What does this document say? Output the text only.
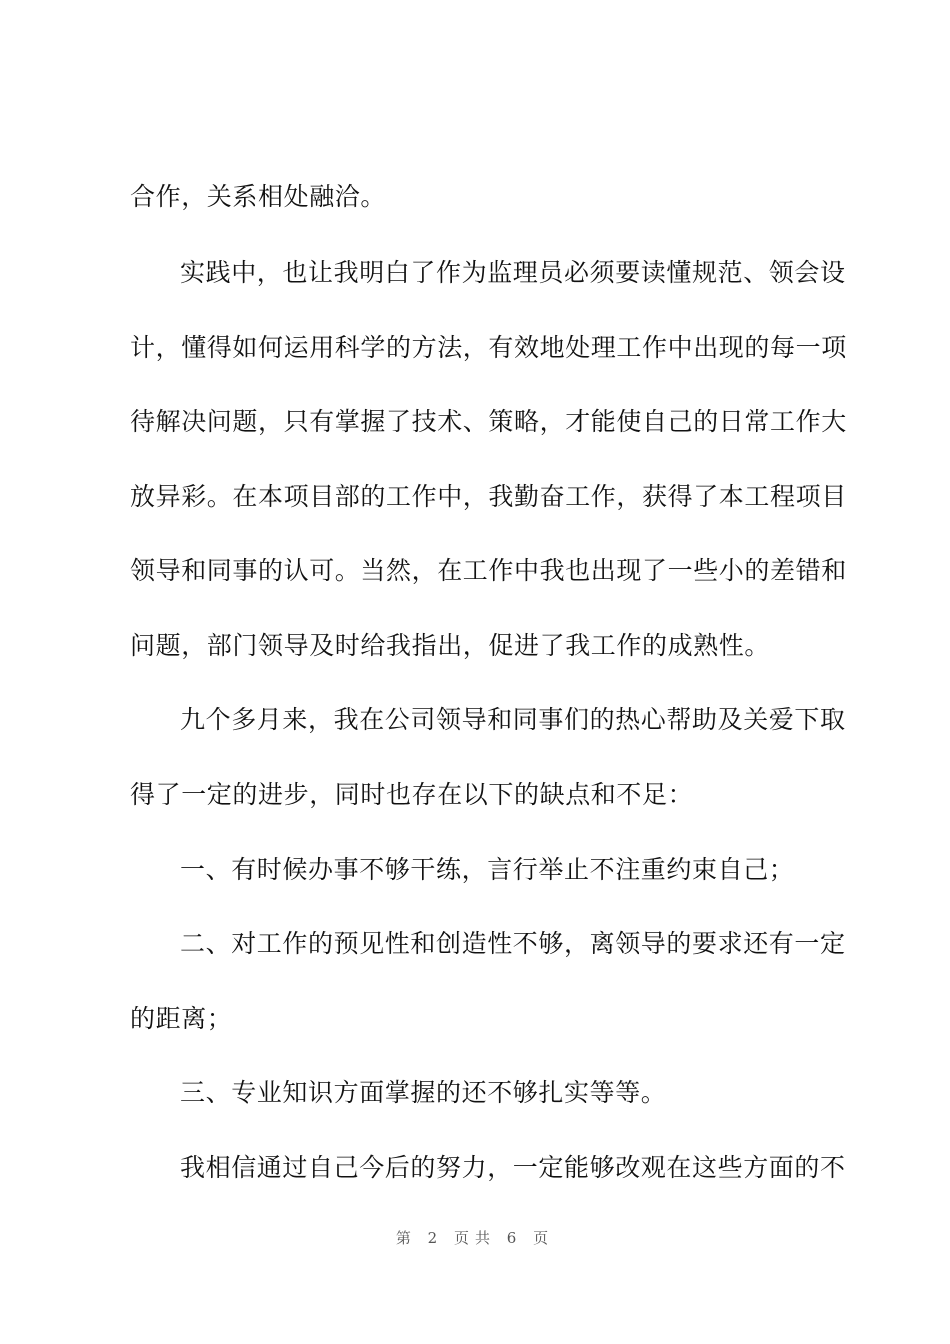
合作，关系相处融洽。
实践中，也让我明白了作为监理员必须要读懂规范、领会设
计，懂得如何运用科学的方法，有效地处理工作中出现的每一项
待解决问题，只有掌握了技术、策略，才能使自己的日常工作大
放异彩。在本项目部的工作中，我勤奋工作，获得了本工程项目
领导和同事的认可。当然，在工作中我也出现了一些小的差错和
问题，部门领导及时给我指出，促进了我工作的成熟性。
九个多月来，我在公司领导和同事们的热心帮助及关爱下取
得了一定的进步，同时也存在以下的缺点和不足：
一、有时候办事不够干练，言行举止不注重约束自己；
二、对工作的预见性和创造性不够，离领导的要求还有一定
的距离；
三、专业知识方面掌握的还不够扎实等等。
我相信通过自己今后的努力，一定能够改观在这些方面的不
第 2 页共 6 页
